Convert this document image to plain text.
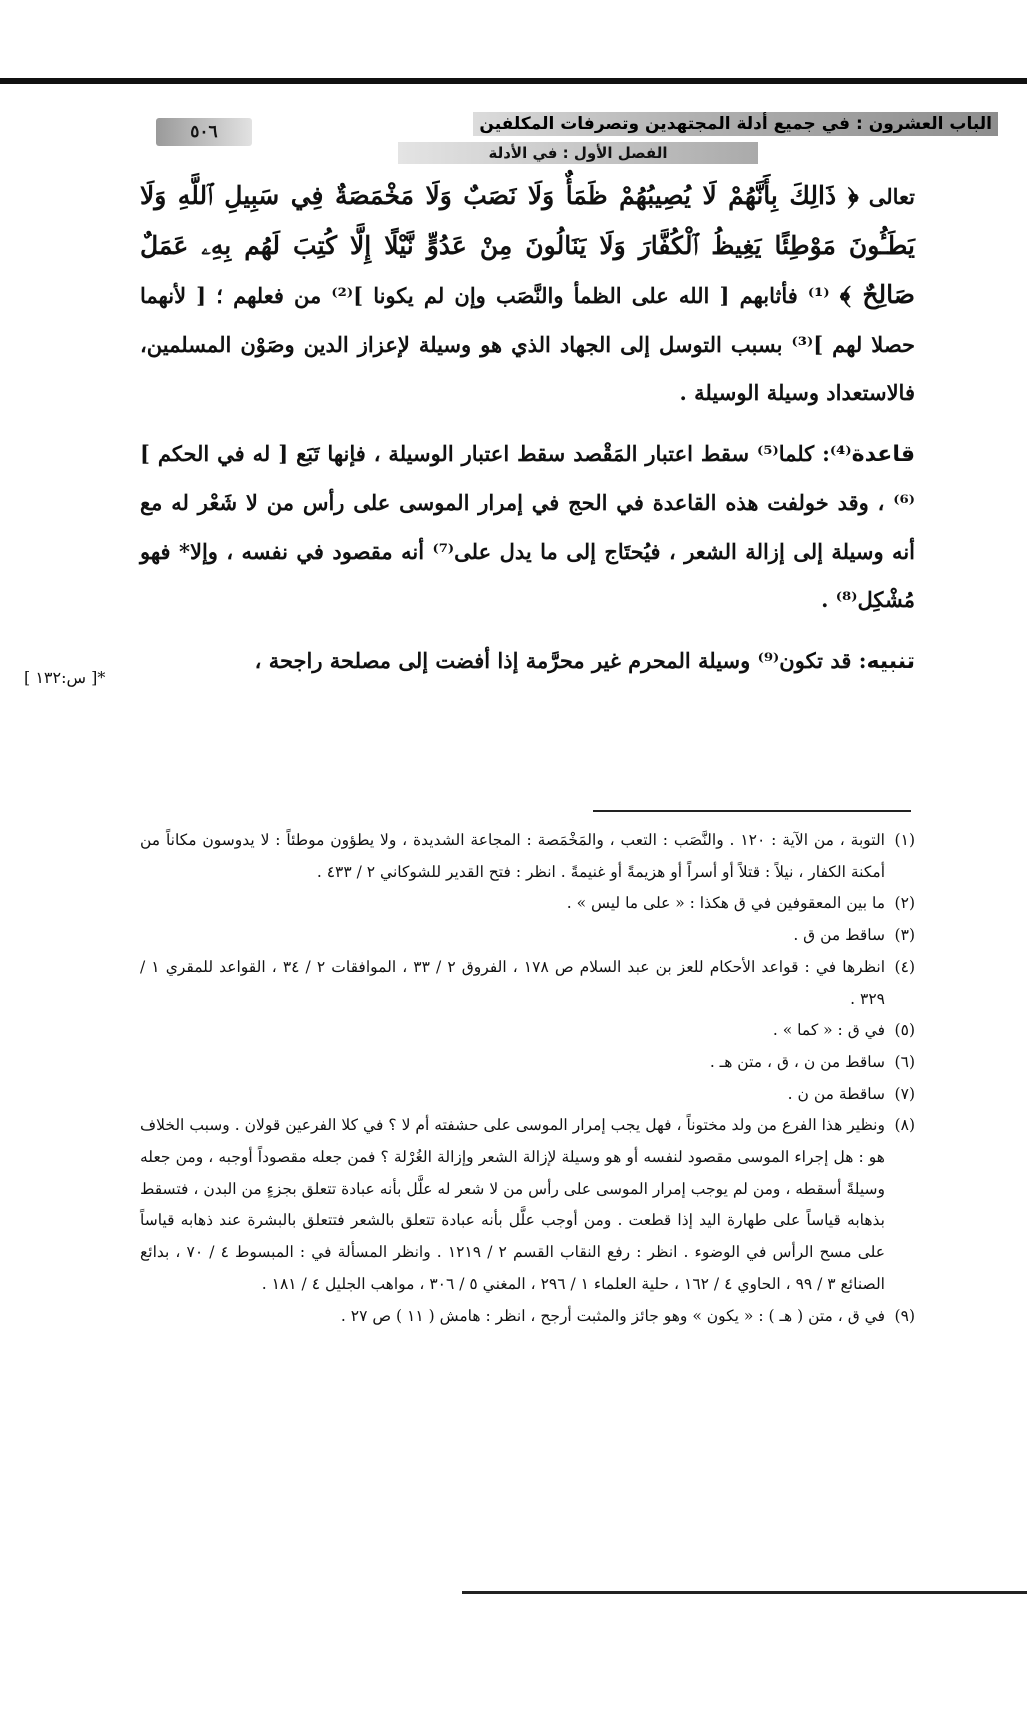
الباب العشرون : في جميع أدلة المجتهدين وتصرفات المكلفين
الفصل الأول : في الأدلة
٥٠٦

تعالى ﴿ ذَالِكَ بِأَنَّهُمْ لَا يُصِيبُهُمْ ظَمَأٌ وَلَا نَصَبٌ وَلَا مَخْمَصَةٌ فِي سَبِيلِ ٱللَّهِ وَلَا يَطَـُٔونَ مَوْطِئًا يَغِيظُ ٱلْكُفَّارَ وَلَا يَنَالُونَ مِنْ عَدُوٍّ نَّيْلًا إِلَّا كُتِبَ لَهُم بِهِۦ عَمَلٌ صَالِحٌ ﴾ ⁽¹⁾ فأثابهم [ الله على الظمأ والنَّصَب وإن لم يكونا ]⁽²⁾ من فعلهم ؛ [ لأنهما حصلا لهم ]⁽³⁾ بسبب التوسل إلى الجهاد الذي هو وسيلة لإعزاز الدين وصَوْن المسلمين، فالاستعداد وسيلة الوسيلة .

قاعدة⁽⁴⁾: كلما⁽⁵⁾ سقط اعتبار المَقْصد سقط اعتبار الوسيلة ، فإنها تَبَع [ له في الحكم ]⁽⁶⁾ ، وقد خولفت هذه القاعدة في الحج في إمرار الموسى على رأس من لا شَعْر له مع أنه وسيلة إلى إزالة الشعر ، فيُحتَاج إلى ما يدل على⁽⁷⁾ أنه مقصود في نفسه ، وإلا* فهو مُشْكِل⁽⁸⁾ .

تنبيه: قد تكون⁽⁹⁾ وسيلة المحرم غير محرَّمة إذا أفضت إلى مصلحة راجحة ،

*[ س:١٣٢ ]

(١)
التوبة ، من الآية : ١٢٠ . والنَّصَب : التعب ، والمَخْمَصة : المجاعة الشديدة ، ولا يطؤون موطئاً : لا يدوسون مكاناً من أمكنة الكفار ، نيلاً : قتلاً أو أسراً أو هزيمةً أو غنيمةً . انظر : فتح القدير للشوكاني ٢ / ٤٣٣ .

(٢)
ما بين المعقوفين في ق هكذا : « على ما ليس » .

(٣)
ساقط من ق .

(٤)
انظرها في : قواعد الأحكام للعز بن عبد السلام ص ١٧٨ ، الفروق ٢ / ٣٣ ، الموافقات ٢ / ٣٤ ، القواعد للمقري ١ / ٣٢٩ .

(٥)
في ق : « كما » .

(٦)
ساقط من ن ، ق ، متن هـ .

(٧)
ساقطة من ن .

(٨)
ونظير هذا الفرع من ولد مختوناً ، فهل يجب إمرار الموسى على حشفته أم لا ؟ في كلا الفرعين قولان . وسبب الخلاف هو : هل إجراء الموسى مقصود لنفسه أو هو وسيلة لإزالة الشعر وإزالة الغُرْلة ؟ فمن جعله مقصوداً أوجبه ، ومن جعله وسيلةً أسقطه ، ومن لم يوجب إمرار الموسى على رأس من لا شعر له علَّل بأنه عبادة تتعلق بجزءٍ من البدن ، فتسقط بذهابه قياساً على طهارة اليد إذا قطعت . ومن أوجب علَّل بأنه عبادة تتعلق بالشعر فتتعلق بالبشرة عند ذهابه قياساً على مسح الرأس في الوضوء . انظر : رفع النقاب القسم ٢ / ١٢١٩ . وانظر المسألة في : المبسوط ٤ / ٧٠ ، بدائع الصنائع ٣ / ٩٩ ، الحاوي ٤ / ١٦٢ ، حلية العلماء ١ / ٢٩٦ ، المغني ٥ / ٣٠٦ ، مواهب الجليل ٤ / ١٨١ .

(٩)
في ق ، متن ( هـ ) : « يكون » وهو جائز والمثبت أرجح ، انظر : هامش ( ١١ ) ص ٢٧ .
